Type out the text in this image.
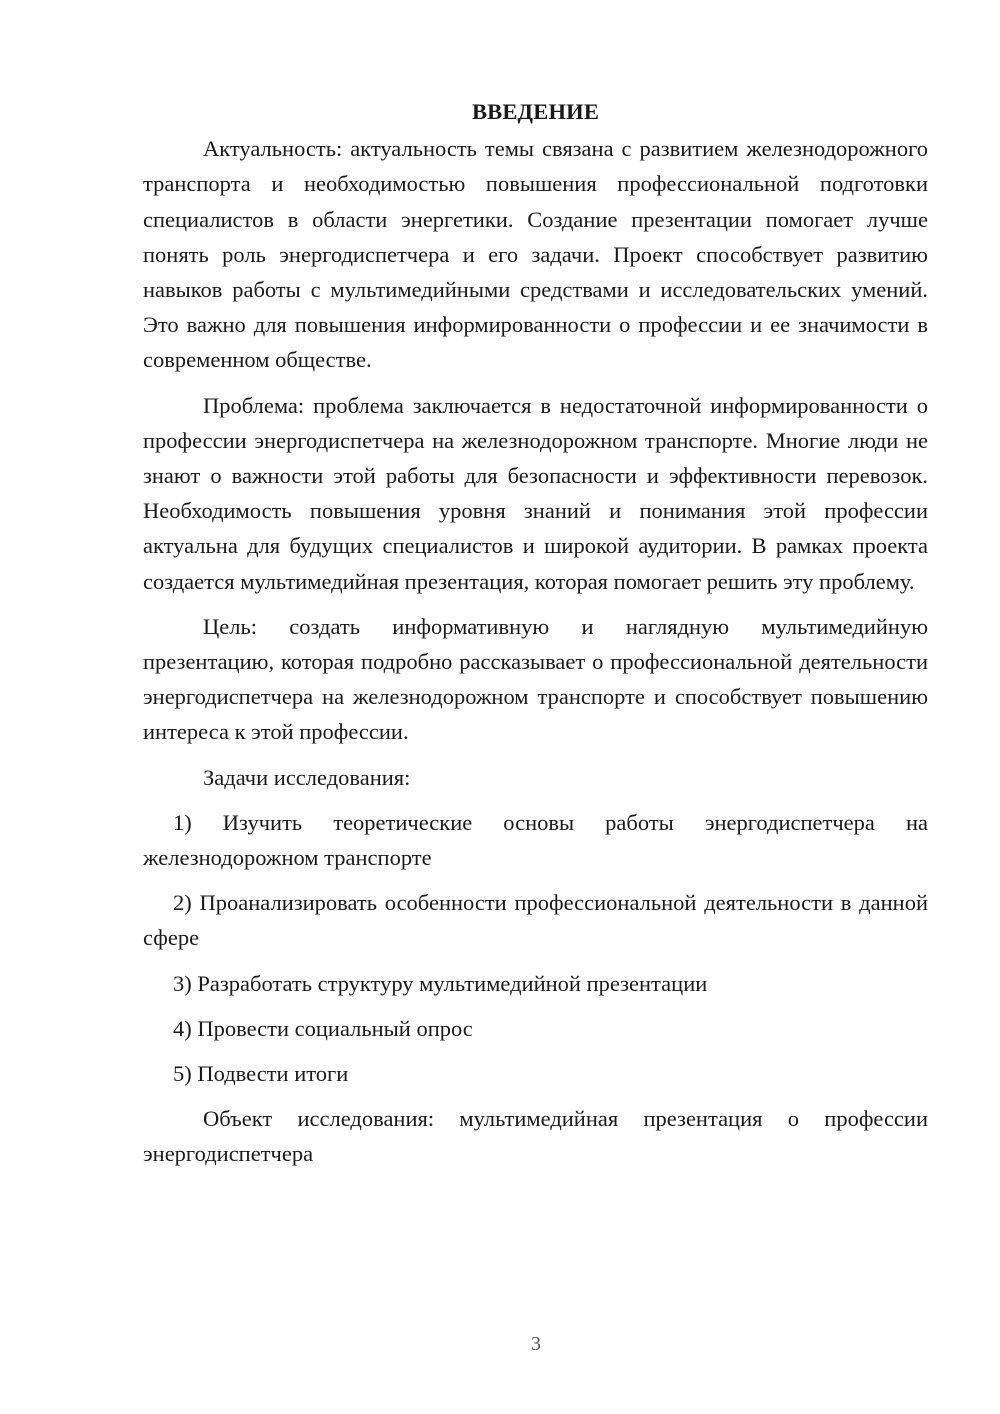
ВВЕДЕНИЕ

Актуальность: актуальность темы связана с развитием железнодорожного транспорта и необходимостью повышения профессиональной подготовки специалистов в области энергетики. Создание презентации помогает лучше понять роль энергодиспетчера и его задачи. Проект способствует развитию навыков работы с мультимедийными средствами и исследовательских умений. Это важно для повышения информированности о профессии и ее значимости в современном обществе.

Проблема: проблема заключается в недостаточной информированности о профессии энергодиспетчера на железнодорожном транспорте. Многие люди не знают о важности этой работы для безопасности и эффективности перевозок. Необходимость повышения уровня знаний и понимания этой профессии актуальна для будущих специалистов и широкой аудитории. В рамках проекта создается мультимедийная презентация, которая помогает решить эту проблему.

Цель: создать информативную и наглядную мультимедийную презентацию, которая подробно рассказывает о профессиональной деятельности энергодиспетчера на железнодорожном транспорте и способствует повышению интереса к этой профессии.

Задачи исследования:

1) Изучить теоретические основы работы энергодиспетчера на железнодорожном транспорте

2) Проанализировать особенности профессиональной деятельности в данной сфере

3) Разработать структуру мультимедийной презентации

4) Провести социальный опрос

5) Подвести итоги

Объект исследования: мультимедийная презентация о профессии энергодиспетчера

3
